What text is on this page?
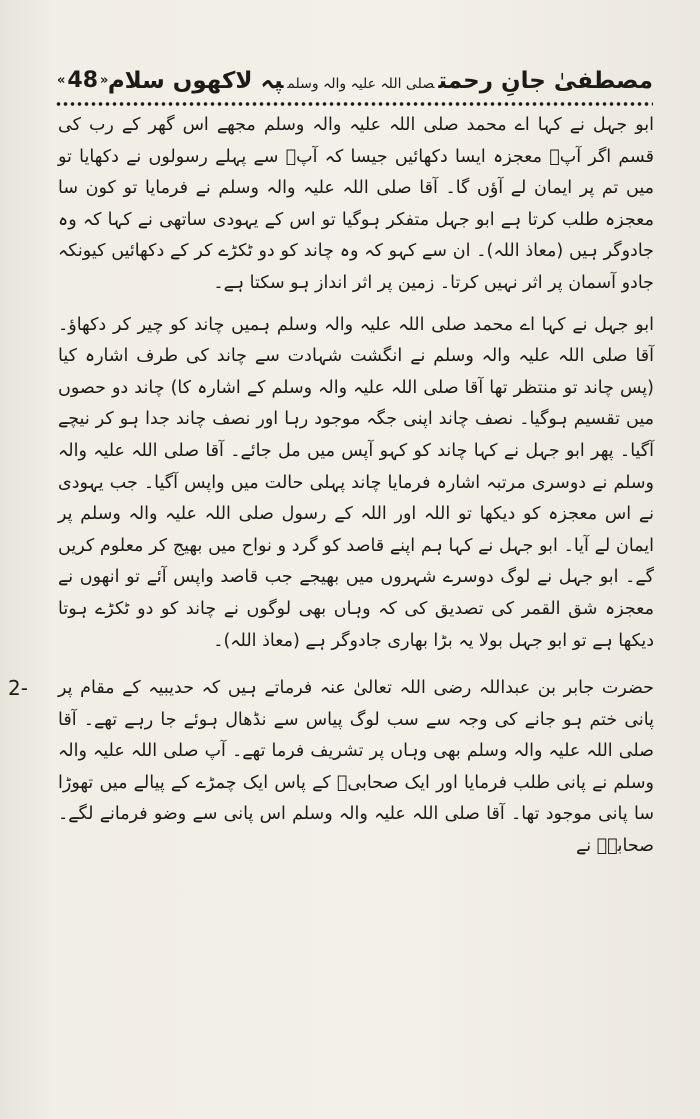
مصطفیٰ جانِ رحمتصلی اللہ علیہ والہ وسلمپہ لاکھوں سلام
« 48 »

ابو جہل نے کہا اے محمد صلی اللہ علیہ والہ وسلم مجھے اس گھر کے رب کی قسم اگر آپؐ معجزہ ایسا دکھائیں جیسا کہ آپؐ سے پہلے رسولوں نے دکھایا تو میں تم پر ایمان لے آؤں گا۔ آقا صلی اللہ علیہ والہ وسلم نے فرمایا تو کون سا معجزہ طلب کرتا ہے ابو جہل متفکر ہوگیا تو اس کے یہودی ساتھی نے کہا کہ وہ جادوگر ہیں (معاذ اللہ)۔ ان سے کہو کہ وہ چاند کو دو ٹکڑے کر کے دکھائیں کیونکہ جادو آسمان پر اثر نہیں کرتا۔ زمین پر اثر انداز ہو سکتا ہے۔

ابو جہل نے کہا اے محمد صلی اللہ علیہ والہ وسلم ہمیں چاند کو چیر کر دکھاؤ۔ آقا صلی اللہ علیہ والہ وسلم نے انگشت شہادت سے چاند کی طرف اشارہ کیا (پس چاند تو منتظر تھا آقا صلی اللہ علیہ والہ وسلم کے اشارہ کا) چاند دو حصوں میں تقسیم ہوگیا۔ نصف چاند اپنی جگہ موجود رہا اور نصف چاند جدا ہو کر نیچے آگیا۔ پھر ابو جہل نے کہا چاند کو کہو آپس میں مل جائے۔ آقا صلی اللہ علیہ والہ وسلم نے دوسری مرتبہ اشارہ فرمایا چاند پہلی حالت میں واپس آگیا۔ جب یہودی نے اس معجزہ کو دیکھا تو اللہ اور اللہ کے رسول صلی اللہ علیہ والہ وسلم پر ایمان لے آیا۔ ابو جہل نے کہا ہم اپنے قاصد کو گرد و نواح میں بھیج کر معلوم کریں گے۔ ابو جہل نے لوگ دوسرے شہروں میں بھیجے جب قاصد واپس آئے تو انھوں نے معجزہ شق القمر کی تصدیق کی کہ وہاں بھی لوگوں نے چاند کو دو ٹکڑے ہوتا دیکھا ہے تو ابو جہل بولا یہ بڑا بھاری جادوگر ہے (معاذ اللہ)۔

2- حضرت جابر بن عبداللہ رضی اللہ تعالیٰ عنہ فرماتے ہیں کہ حدیبیہ کے مقام پر پانی ختم ہو جانے کی وجہ سے سب لوگ پیاس سے نڈھال ہوئے جا رہے تھے۔ آقا صلی اللہ علیہ والہ وسلم بھی وہاں پر تشریف فرما تھے۔ آپ صلی اللہ علیہ والہ وسلم نے پانی طلب فرمایا اور ایک صحابیؓ کے پاس ایک چمڑے کے پیالے میں تھوڑا سا پانی موجود تھا۔ آقا صلی اللہ علیہ والہ وسلم اس پانی سے وضو فرمانے لگے۔ صحابہؓ نے
